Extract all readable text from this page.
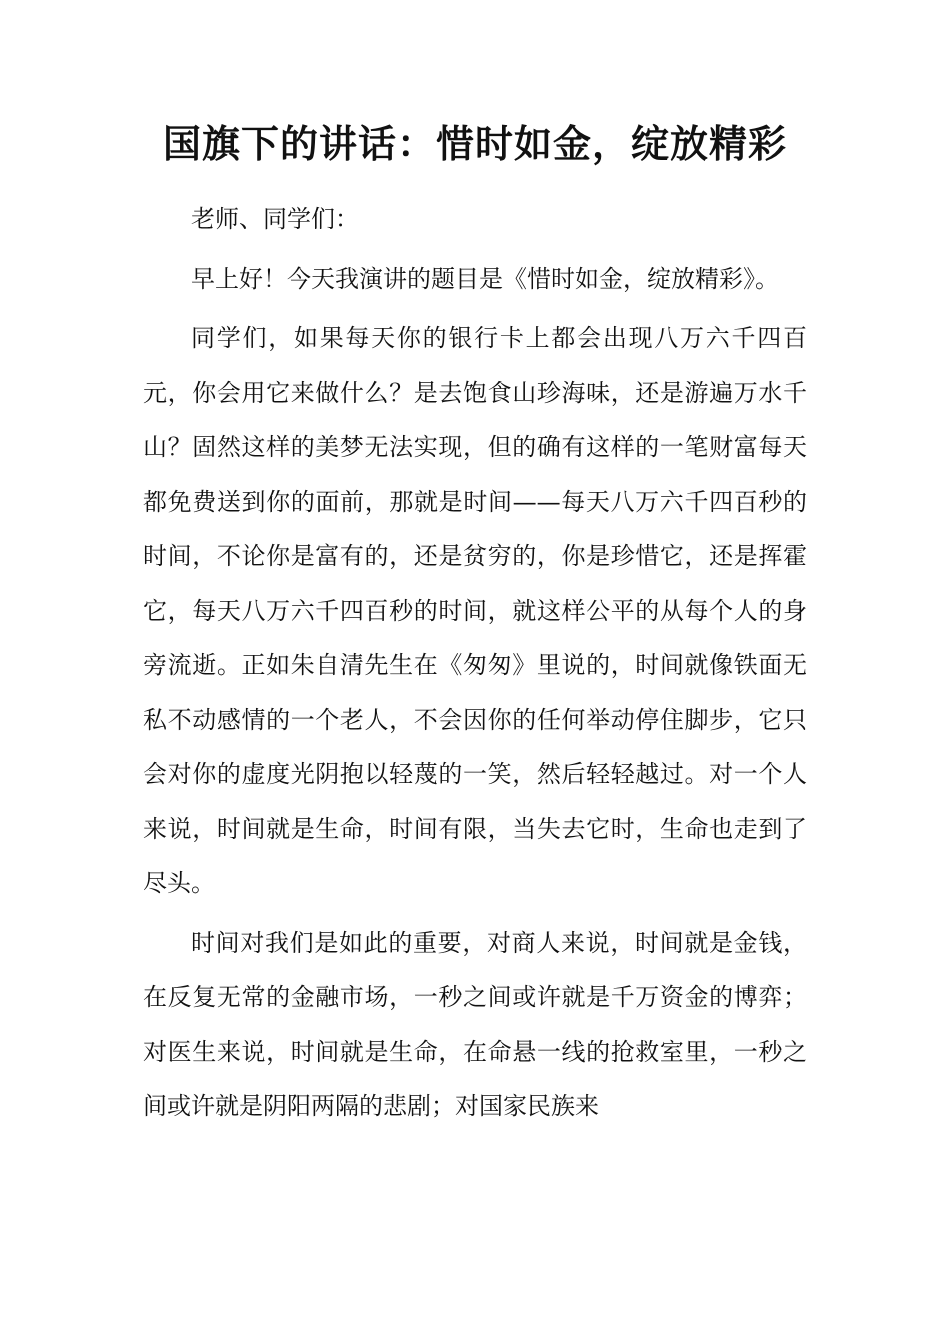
国旗下的讲话：惜时如金，绽放精彩

老师、同学们：

早上好！今天我演讲的题目是《惜时如金，绽放精彩》。

同学们，如果每天你的银行卡上都会出现八万六千四百元，你会用它来做什么？是去饱食山珍海味，还是游遍万水千山？固然这样的美梦无法实现，但的确有这样的一笔财富每天都免费送到你的面前，那就是时间——每天八万六千四百秒的时间，不论你是富有的，还是贫穷的，你是珍惜它，还是挥霍它，每天八万六千四百秒的时间，就这样公平的从每个人的身旁流逝。正如朱自清先生在《匆匆》里说的，时间就像铁面无私不动感情的一个老人，不会因你的任何举动停住脚步，它只会对你的虚度光阴抱以轻蔑的一笑，然后轻轻越过。对一个人来说，时间就是生命，时间有限，当失去它时，生命也走到了尽头。

时间对我们是如此的重要，对商人来说，时间就是金钱，在反复无常的金融市场，一秒之间或许就是千万资金的博弈；对医生来说，时间就是生命，在命悬一线的抢救室里，一秒之间或许就是阴阳两隔的悲剧；对国家民族来
